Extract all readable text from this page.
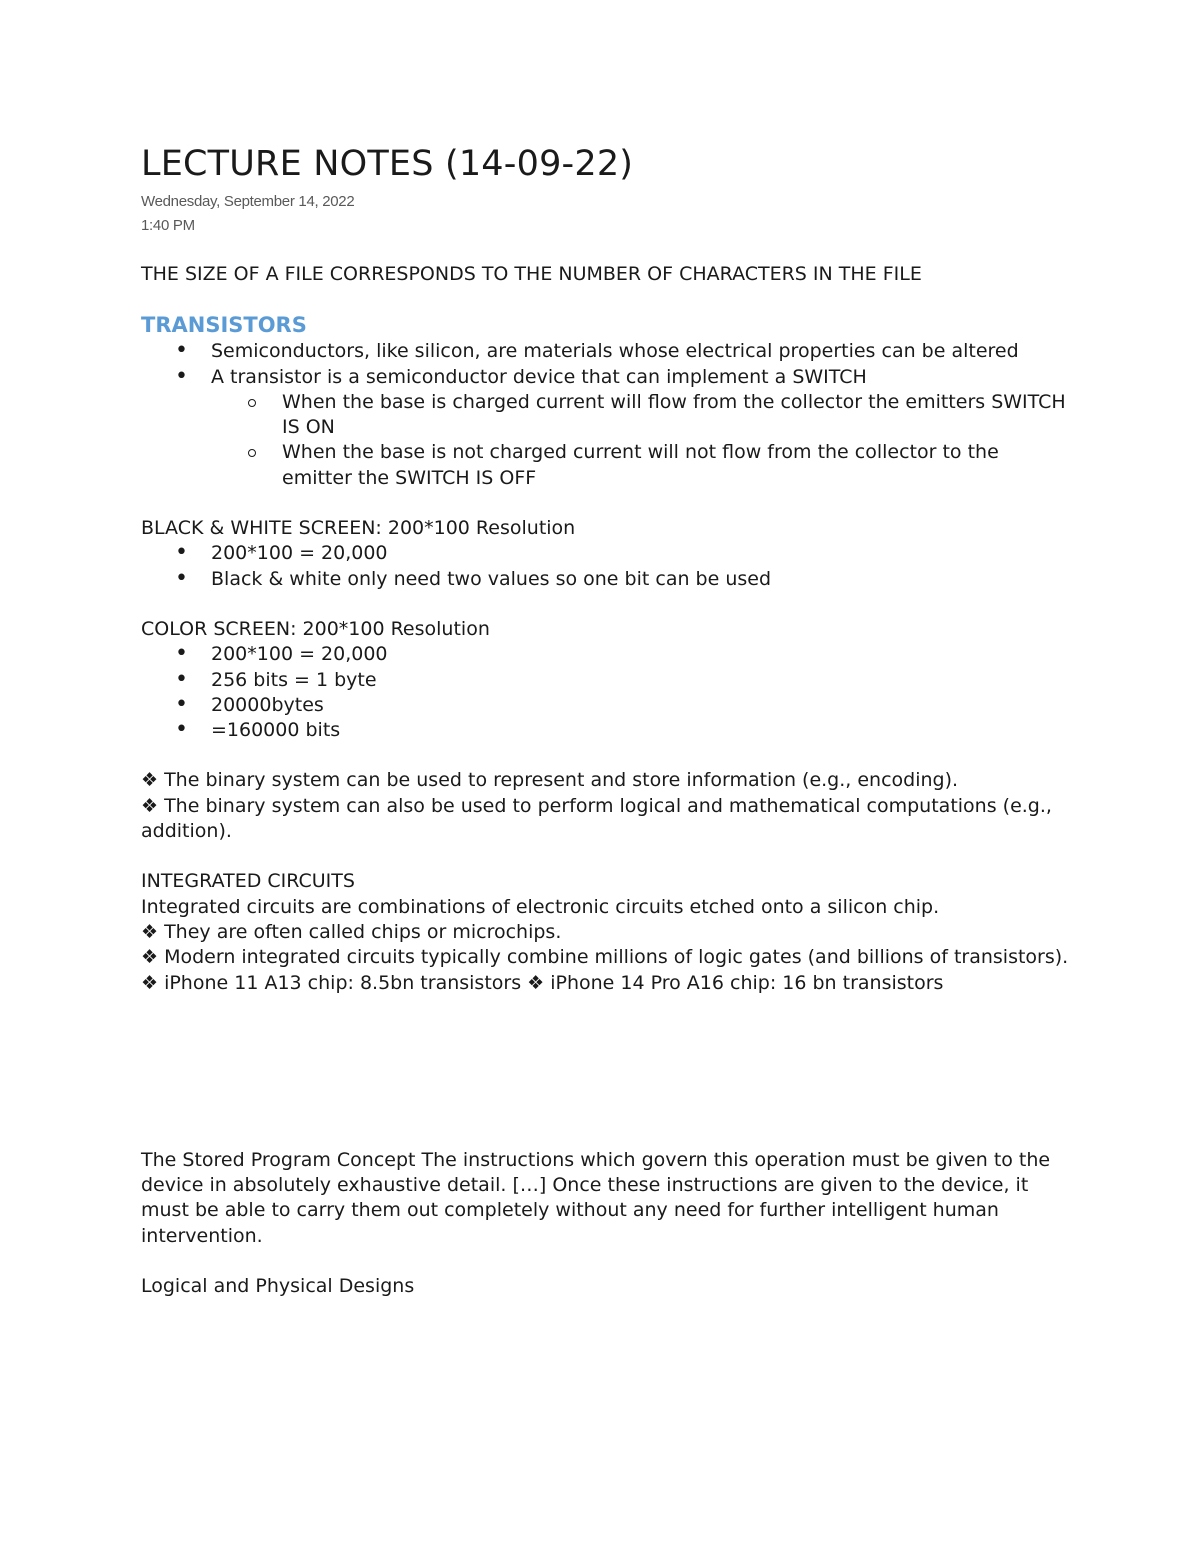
LECTURE NOTES (14-09-22)
Wednesday, September 14, 2022
1:40 PM
THE SIZE OF A FILE CORRESPONDS TO THE NUMBER OF CHARACTERS IN THE FILE
TRANSISTORS
• Semiconductors, like silicon, are materials whose electrical properties can be altered
• A transistor is a semiconductor device that can implement a SWITCH
When the base is charged current will flow from the collector the emitters SWITCH IS ON
When the base is not charged current will not flow from the collector to the emitter the SWITCH IS OFF
BLACK & WHITE SCREEN: 200*100 Resolution
• 200*100 = 20,000
• Black & white only need two values so one bit can be used
COLOR SCREEN: 200*100 Resolution
• 200*100 = 20,000
• 256 bits = 1 byte
• 20000bytes
• =160000 bits
❖ The binary system can be used to represent and store information (e.g., encoding).
❖ The binary system can also be used to perform logical and mathematical computations (e.g., addition).
INTEGRATED CIRCUITS
Integrated circuits are combinations of electronic circuits etched onto a silicon chip.
❖ They are often called chips or microchips.
❖ Modern integrated circuits typically combine millions of logic gates (and billions of transistors). ❖ iPhone 11 A13 chip: 8.5bn transistors ❖ iPhone 14 Pro A16 chip: 16 bn transistors
The Stored Program Concept The instructions which govern this operation must be given to the device in absolutely exhaustive detail. […] Once these instructions are given to the device, it must be able to carry them out completely without any need for further intelligent human intervention.
Logical and Physical Designs
